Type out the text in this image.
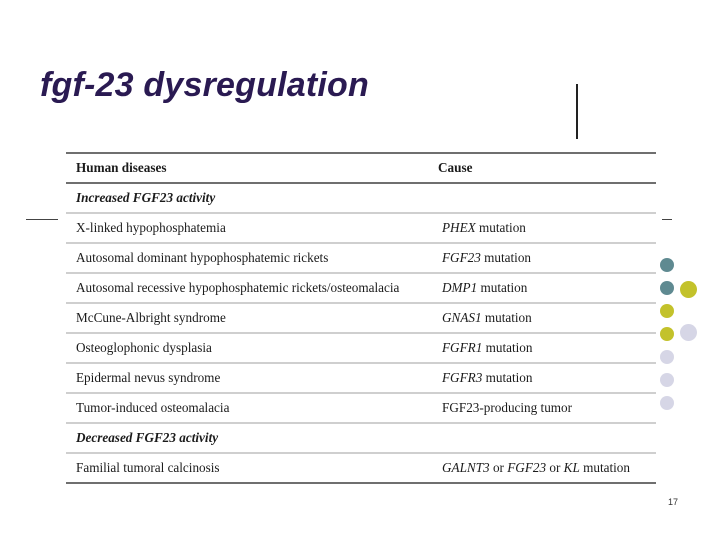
fgf-23 dysregulation
Human diseases	Cause
Increased FGF23 activity	
X-linked hypophosphatemia	PHEX mutation
Autosomal dominant hypophosphatemic rickets	FGF23 mutation
Autosomal recessive hypophosphatemic rickets/osteomalacia	DMP1 mutation
McCune-Albright syndrome	GNAS1 mutation
Osteoglophonic dysplasia	FGFR1 mutation
Epidermal nevus syndrome	FGFR3 mutation
Tumor-induced osteomalacia	FGF23-producing tumor
Decreased FGF23 activity	
Familial tumoral calcinosis	GALNT3 or FGF23 or KL mutation
17
